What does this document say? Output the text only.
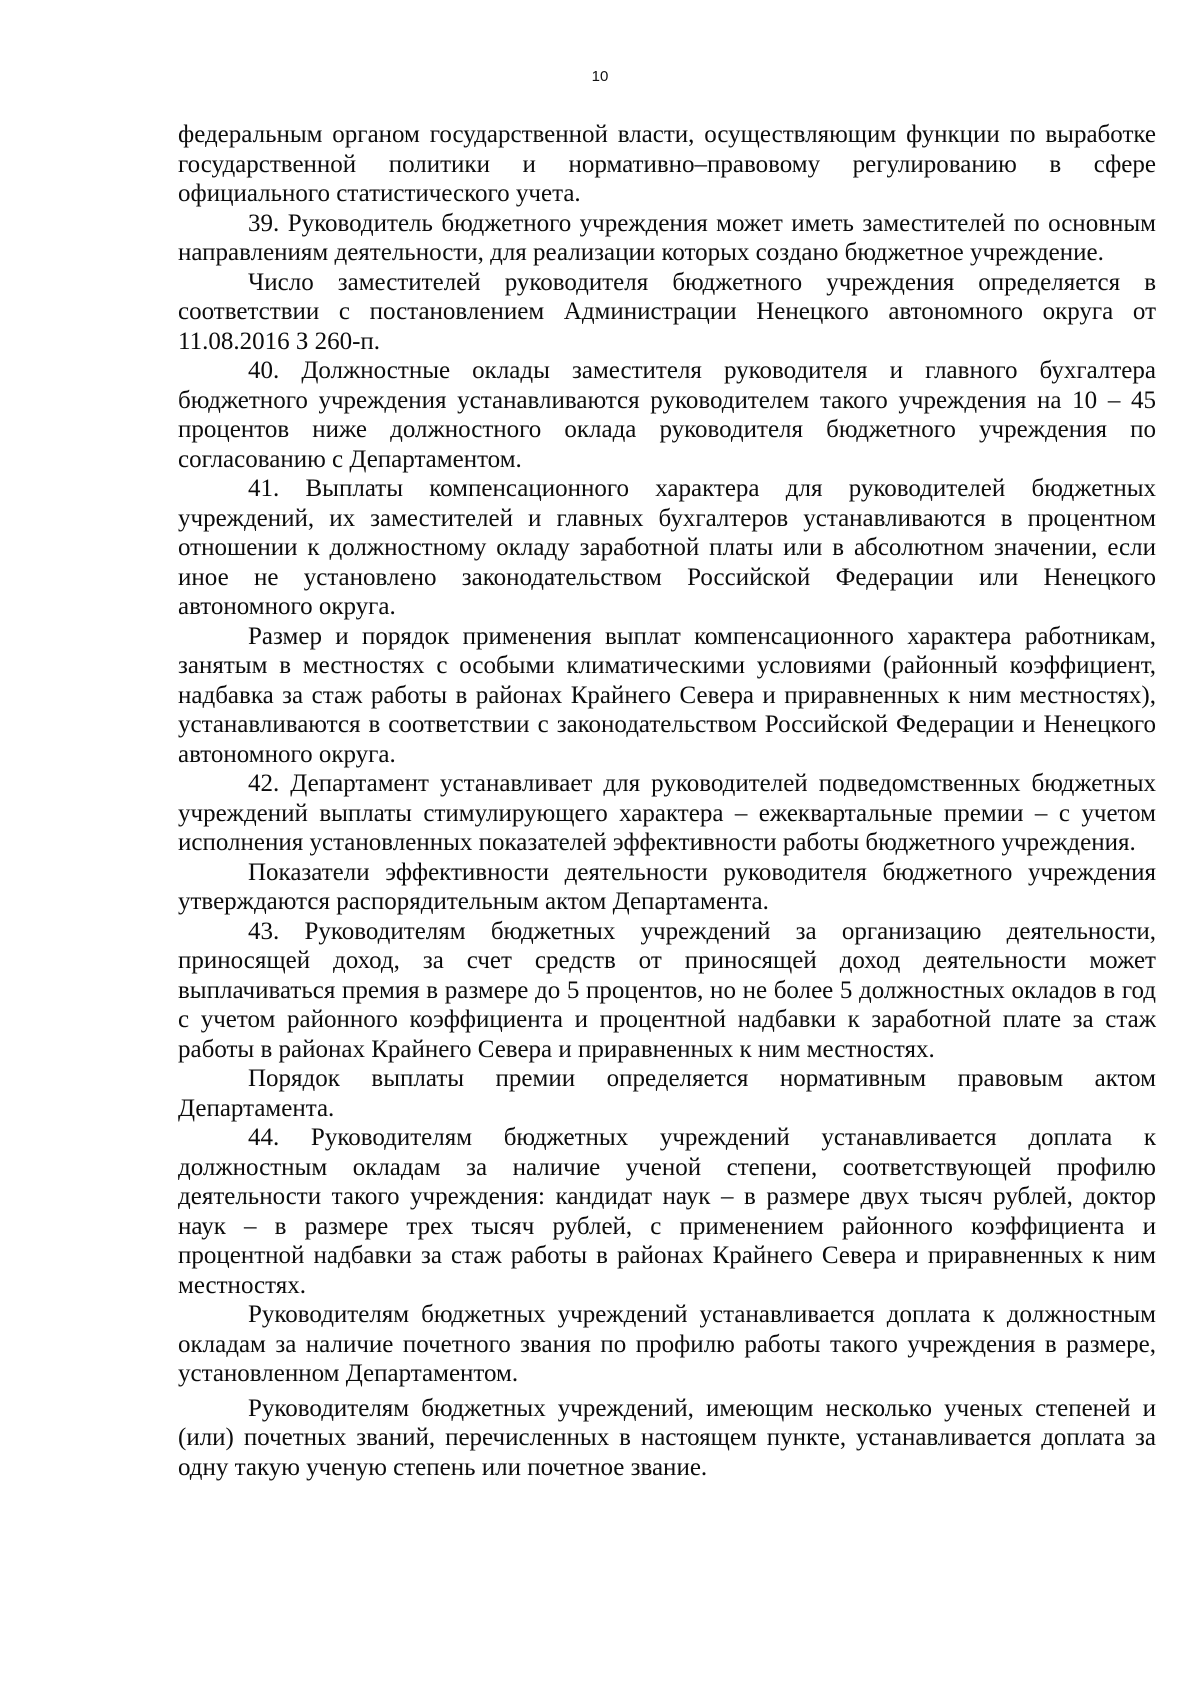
10

федеральным органом государственной власти, осуществляющим функции по выработке государственной политики и нормативно–правовому регулированию в сфере официального статистического учета.

39. Руководитель бюджетного учреждения может иметь заместителей по основным направлениям деятельности, для реализации которых создано бюджетное учреждение.

Число заместителей руководителя бюджетного учреждения определяется в соответствии с постановлением Администрации Ненецкого автономного округа от 11.08.2016 З 260-п.

40. Должностные оклады заместителя руководителя и главного бухгалтера бюджетного учреждения устанавливаются руководителем такого учреждения на 10 – 45 процентов ниже должностного оклада руководителя бюджетного учреждения по согласованию с Департаментом.

41. Выплаты компенсационного характера для руководителей бюджетных учреждений, их заместителей и главных бухгалтеров устанавливаются в процентном отношении к должностному окладу заработной платы или в абсолютном значении, если иное не установлено законодательством Российской Федерации или Ненецкого автономного округа.

Размер и порядок применения выплат компенсационного характера работникам, занятым в местностях с особыми климатическими условиями (районный коэффициент, надбавка за стаж работы в районах Крайнего Севера и приравненных к ним местностях), устанавливаются в соответствии с законодательством Российской Федерации и Ненецкого автономного округа.

42. Департамент устанавливает для руководителей подведомственных бюджетных учреждений выплаты стимулирующего характера – ежеквартальные премии – с учетом исполнения установленных показателей эффективности работы бюджетного учреждения.

Показатели эффективности деятельности руководителя бюджетного учреждения утверждаются распорядительным актом Департамента.

43. Руководителям бюджетных учреждений за организацию деятельности, приносящей доход, за счет средств от приносящей доход деятельности может выплачиваться премия в размере до 5 процентов, но не более 5 должностных окладов в год с учетом районного коэффициента и процентной надбавки к заработной плате за стаж работы в районах Крайнего Севера и приравненных к ним местностях.

Порядок выплаты премии определяется нормативным правовым актом Департамента.

44. Руководителям бюджетных учреждений устанавливается доплата к должностным окладам за наличие ученой степени, соответствующей профилю деятельности такого учреждения: кандидат наук – в размере двух тысяч рублей, доктор наук – в размере трех тысяч рублей, с применением районного коэффициента и процентной надбавки за стаж работы в районах Крайнего Севера и приравненных к ним местностях.

Руководителям бюджетных учреждений устанавливается доплата к должностным окладам за наличие почетного звания по профилю работы такого учреждения в размере, установленном Департаментом.

Руководителям бюджетных учреждений, имеющим несколько ученых степеней и (или) почетных званий, перечисленных в настоящем пункте, устанавливается доплата за одну такую ученую степень или почетное звание.
